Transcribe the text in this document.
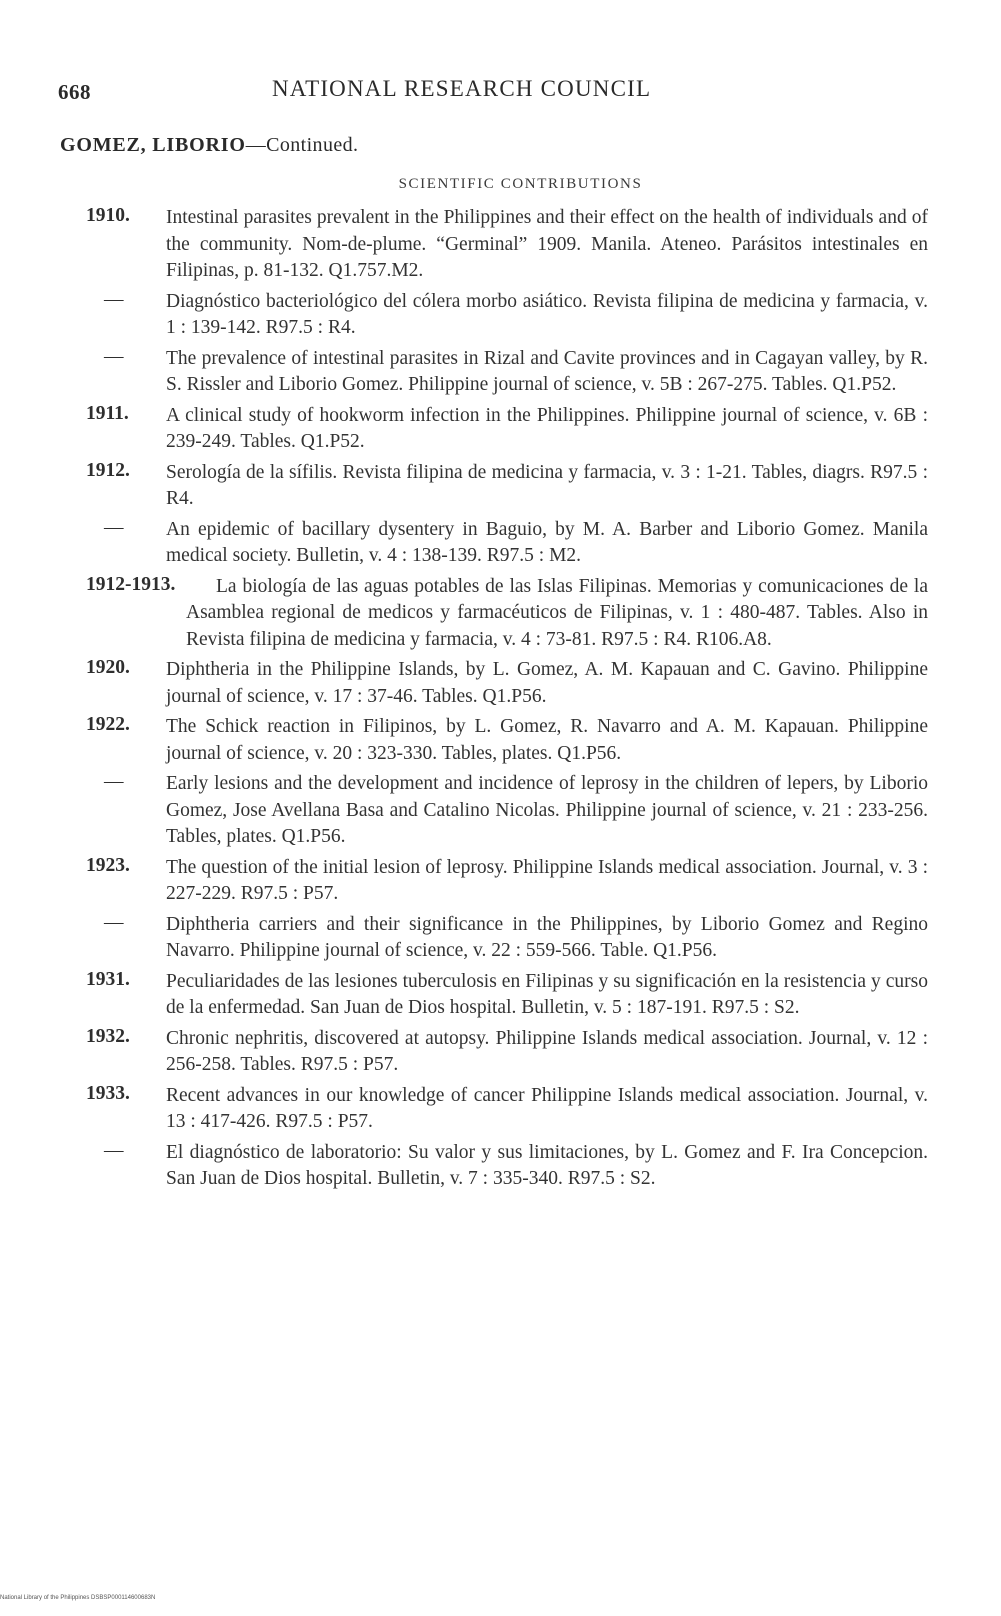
668	NATIONAL RESEARCH COUNCIL
GOMEZ, LIBORIO—Continued.
SCIENTIFIC CONTRIBUTIONS
1910. Intestinal parasites prevalent in the Philippines and their effect on the health of individuals and of the community. Nom-de-plume. “Germinal” 1909. Manila. Ateneo. Parásitos intestinales en Filipinas, p. 81-132. Q1.757.M2.
— Diagnóstico bacteriológico del cólera morbo asiático. Revista filipina de medicina y farmacia, v. 1 : 139-142. R97.5 : R4.
— The prevalence of intestinal parasites in Rizal and Cavite provinces and in Cagayan valley, by R. S. Rissler and Liborio Gomez. Philippine journal of science, v. 5B : 267-275. Tables. Q1.P52.
1911. A clinical study of hookworm infection in the Philippines. Philippine journal of science, v. 6B : 239-249. Tables. Q1.P52.
1912. Serología de la sífilis. Revista filipina de medicina y farmacia, v. 3 : 1-21. Tables, diagrs. R97.5 : R4.
— An epidemic of bacillary dysentery in Baguio, by M. A. Barber and Liborio Gomez. Manila medical society. Bulletin, v. 4 : 138-139. R97.5 : M2.
1912-1913.	La biología de las aguas potables de las Islas Filipinas. Memorias y comunicaciones de la Asamblea regional de medicos y farmacéuticos de Filipinas, v. 1 : 480-487. Tables. Also in Revista filipina de medicina y farmacia, v. 4 : 73-81. R97.5 : R4. R106.A8.
1920. Diphtheria in the Philippine Islands, by L. Gomez, A. M. Kapauan and C. Gavino. Philippine journal of science, v. 17 : 37-46. Tables. Q1.P56.
1922. The Schick reaction in Filipinos, by L. Gomez, R. Navarro and A. M. Kapauan. Philippine journal of science, v. 20 : 323-330. Tables, plates. Q1.P56.
— Early lesions and the development and incidence of leprosy in the children of lepers, by Liborio Gomez, Jose Avellana Basa and Catalino Nicolas. Philippine journal of science, v. 21 : 233-256. Tables, plates. Q1.P56.
1923. The question of the initial lesion of leprosy. Philippine Islands medical association. Journal, v. 3 : 227-229. R97.5 : P57.
— Diphtheria carriers and their significance in the Philippines, by Liborio Gomez and Regino Navarro. Philippine journal of science, v. 22 : 559-566. Table. Q1.P56.
1931. Peculiaridades de las lesiones tuberculosis en Filipinas y su significación en la resistencia y curso de la enfermedad. San Juan de Dios hospital. Bulletin, v. 5 : 187-191. R97.5 : S2.
1932. Chronic nephritis, discovered at autopsy. Philippine Islands medical association. Journal, v. 12 : 256-258. Tables. R97.5 : P57.
1933. Recent advances in our knowledge of cancer Philippine Islands medical association. Journal, v. 13 : 417-426. R97.5 : P57.
— El diagnóstico de laboratorio: Su valor y sus limitaciones, by L. Gomez and F. Ira Concepcion. San Juan de Dios hospital. Bulletin, v. 7 : 335-340. R97.5 : S2.
National Library of the Philippines DSBSP000114600683N
